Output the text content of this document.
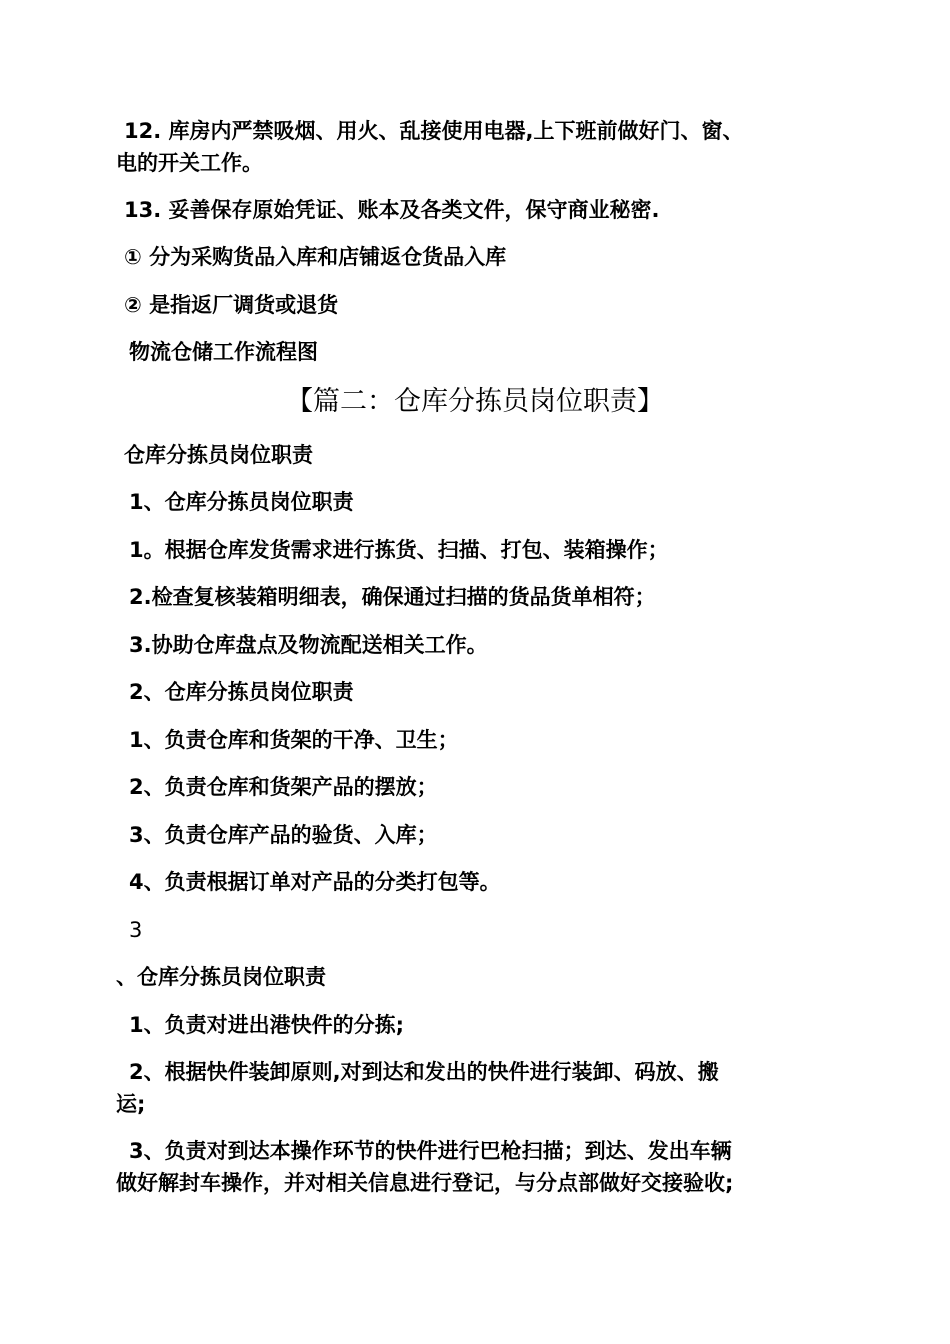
12. 库房内严禁吸烟、用火、乱接使用电器,上下班前做好门、窗、
电的开关工作。
13. 妥善保存原始凭证、账本及各类文件，保守商业秘密.
① 分为采购货品入库和店铺返仓货品入库
② 是指返厂调货或退货
物流仓储工作流程图
【篇二：仓库分拣员岗位职责】
仓库分拣员岗位职责
1、仓库分拣员岗位职责
1。根据仓库发货需求进行拣货、扫描、打包、装箱操作；
2.检查复核装箱明细表，确保通过扫描的货品货单相符；
3.协助仓库盘点及物流配送相关工作。
2、仓库分拣员岗位职责
1、负责仓库和货架的干净、卫生；
2、负责仓库和货架产品的摆放；
3、负责仓库产品的验货、入库；
4、负责根据订单对产品的分类打包等。
3
、仓库分拣员岗位职责
1、负责对进出港快件的分拣;
2、根据快件装卸原则,对到达和发出的快件进行装卸、码放、搬
运;
3、负责对到达本操作环节的快件进行巴枪扫描；到达、发出车辆
做好解封车操作，并对相关信息进行登记，与分点部做好交接验收;
